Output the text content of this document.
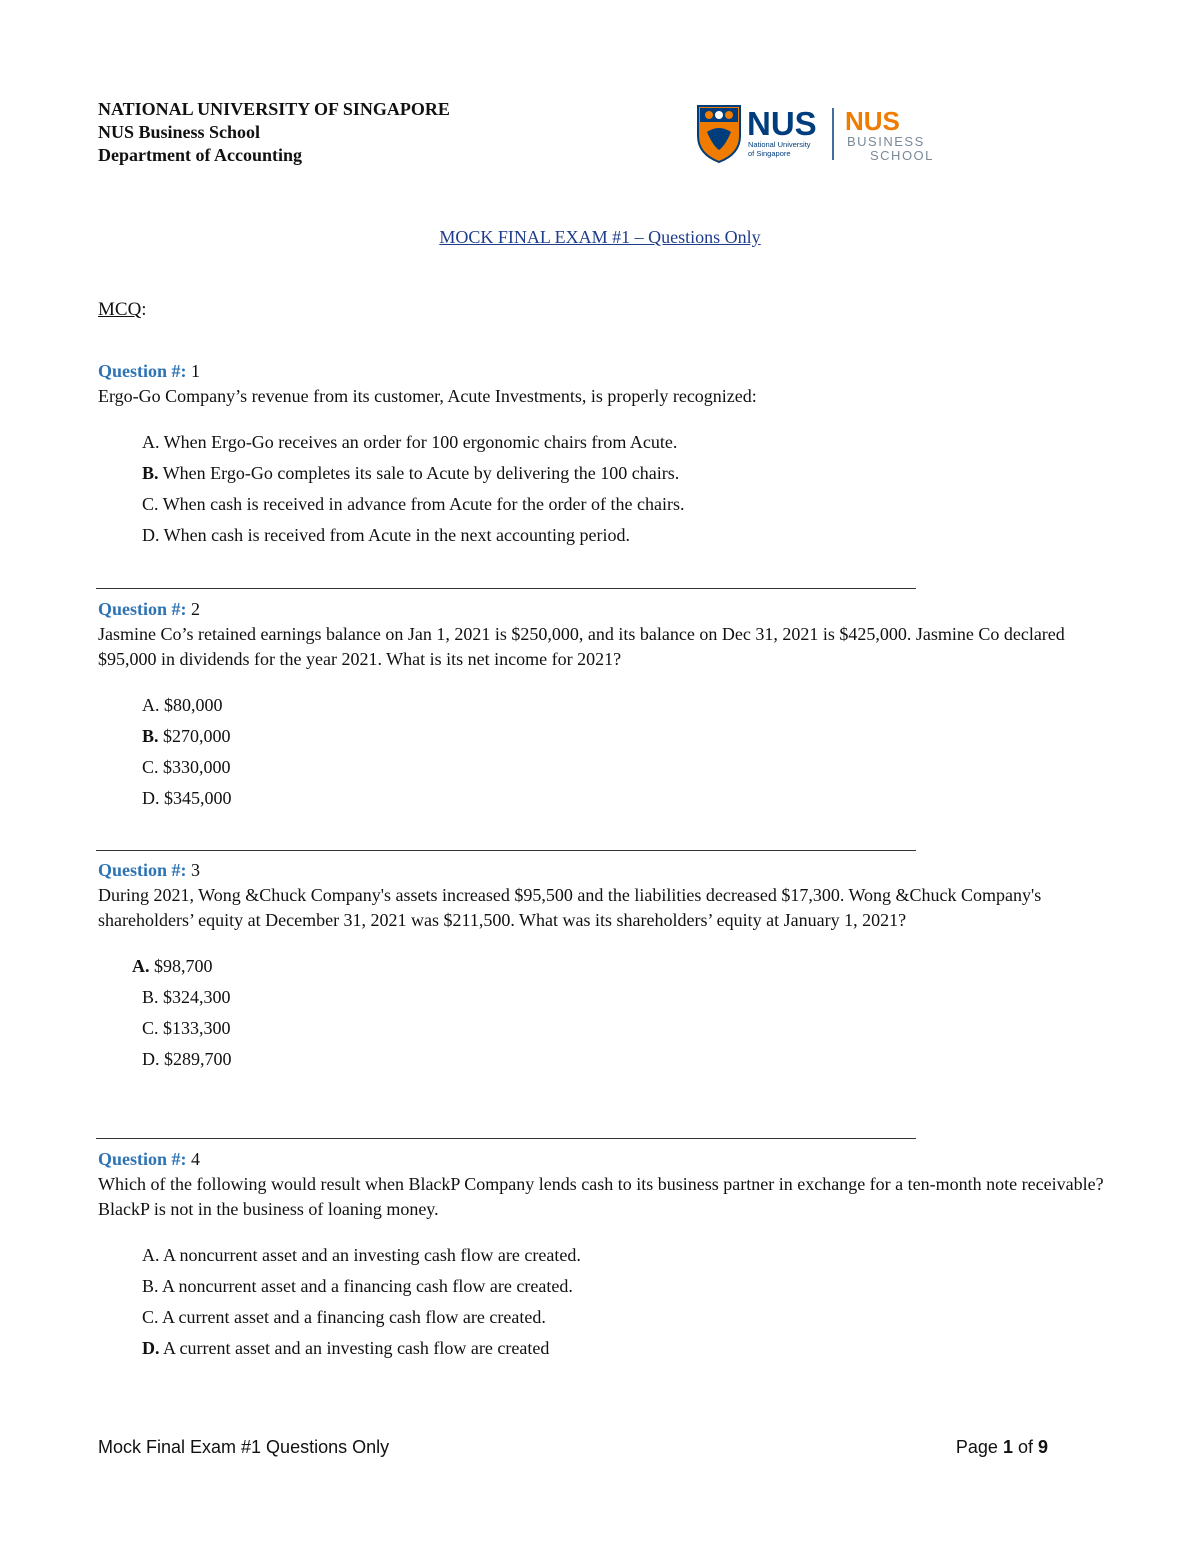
NATIONAL UNIVERSITY OF SINGAPORE
NUS Business School
Department of Accounting
NUS
National University
of Singapore
NUS
BUSINESS
SCHOOL
MOCK FINAL EXAM #1 – Questions Only
MCQ:
Question #: 1
Ergo-Go Company’s revenue from its customer, Acute Investments, is properly recognized:
A. When Ergo-Go receives an order for 100 ergonomic chairs from Acute.
B. When Ergo-Go completes its sale to Acute by delivering the 100 chairs.
C. When cash is received in advance from Acute for the order of the chairs.
D. When cash is received from Acute in the next accounting period.
Question #: 2
Jasmine Co’s retained earnings balance on Jan 1, 2021 is $250,000, and its balance on Dec 31, 2021 is $425,000. Jasmine Co declared $95,000 in dividends for the year 2021. What is its net income for 2021?
A. $80,000
B. $270,000
C. $330,000
D. $345,000
Question #: 3
During 2021, Wong &Chuck Company's assets increased $95,500 and the liabilities decreased $17,300. Wong &Chuck Company's shareholders’ equity at December 31, 2021 was $211,500. What was its shareholders’ equity at January 1, 2021?
A. $98,700
B. $324,300
C. $133,300
D. $289,700
Question #: 4
Which of the following would result when BlackP Company lends cash to its business partner in exchange for a ten-month note receivable? BlackP is not in the business of loaning money.
A. A noncurrent asset and an investing cash flow are created.
B. A noncurrent asset and a financing cash flow are created.
C. A current asset and a financing cash flow are created.
D. A current asset and an investing cash flow are created
Mock Final Exam #1 Questions Only	Page 1 of 9
